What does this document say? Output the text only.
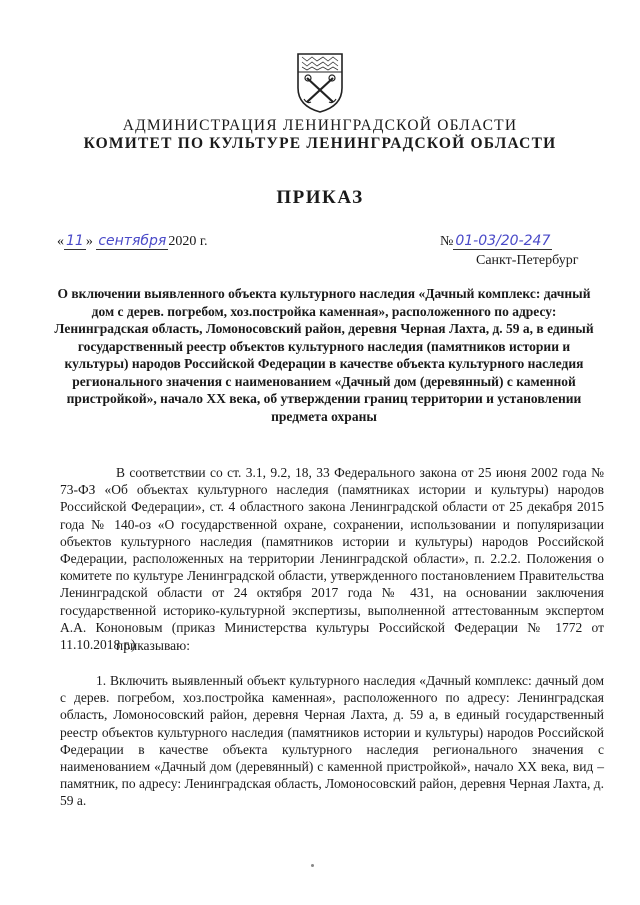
АДМИНИСТРАЦИЯ ЛЕНИНГРАДСКОЙ ОБЛАСТИ
КОМИТЕТ ПО КУЛЬТУРЕ ЛЕНИНГРАДСКОЙ ОБЛАСТИ
ПРИКАЗ
« 11 » сентября 2020 г.	№ 01-03/20-247
Санкт-Петербург
О включении выявленного объекта культурного наследия «Дачный комплекс: дачный дом с дерев. погребом, хоз.постройка каменная», расположенного по адресу: Ленинградская область, Ломоносовский район, деревня Черная Лахта, д. 59 а, в единый государственный реестр объектов культурного наследия (памятников истории и культуры) народов Российской Федерации в качестве объекта культурного наследия регионального значения с наименованием «Дачный дом (деревянный) с каменной пристройкой», начало XX века, об утверждении границ территории и установлении предмета охраны
В соответствии со ст. 3.1, 9.2, 18, 33 Федерального закона от 25 июня 2002 года № 73-ФЗ «Об объектах культурного наследия (памятниках истории и культуры) народов Российской Федерации», ст. 4 областного закона Ленинградской области от 25 декабря 2015 года № 140-оз «О государственной охране, сохранении, использовании и популяризации объектов культурного наследия (памятников истории и культуры) народов Российской Федерации, расположенных на территории Ленинградской области», п. 2.2.2. Положения о комитете по культуре Ленинградской области, утвержденного постановлением Правительства Ленинградской области от 24 октября 2017 года № 431, на основании заключения государственной историко-культурной экспертизы, выполненной аттестованным экспертом А.А. Кононовым (приказ Министерства культуры Российской Федерации № 1772 от 11.10.2018 г.)
приказываю:
1. Включить выявленный объект культурного наследия «Дачный комплекс: дачный дом с дерев. погребом, хоз.постройка каменная», расположенного по адресу: Ленинградская область, Ломоносовский район, деревня Черная Лахта, д. 59 а, в единый государственный реестр объектов культурного наследия (памятников истории и культуры) народов Российской Федерации в качестве объекта культурного наследия регионального значения с наименованием «Дачный дом (деревянный) с каменной пристройкой», начало XX века, вид – памятник, по адресу: Ленинградская область, Ломоносовский район, деревня Черная Лахта, д. 59 а.
